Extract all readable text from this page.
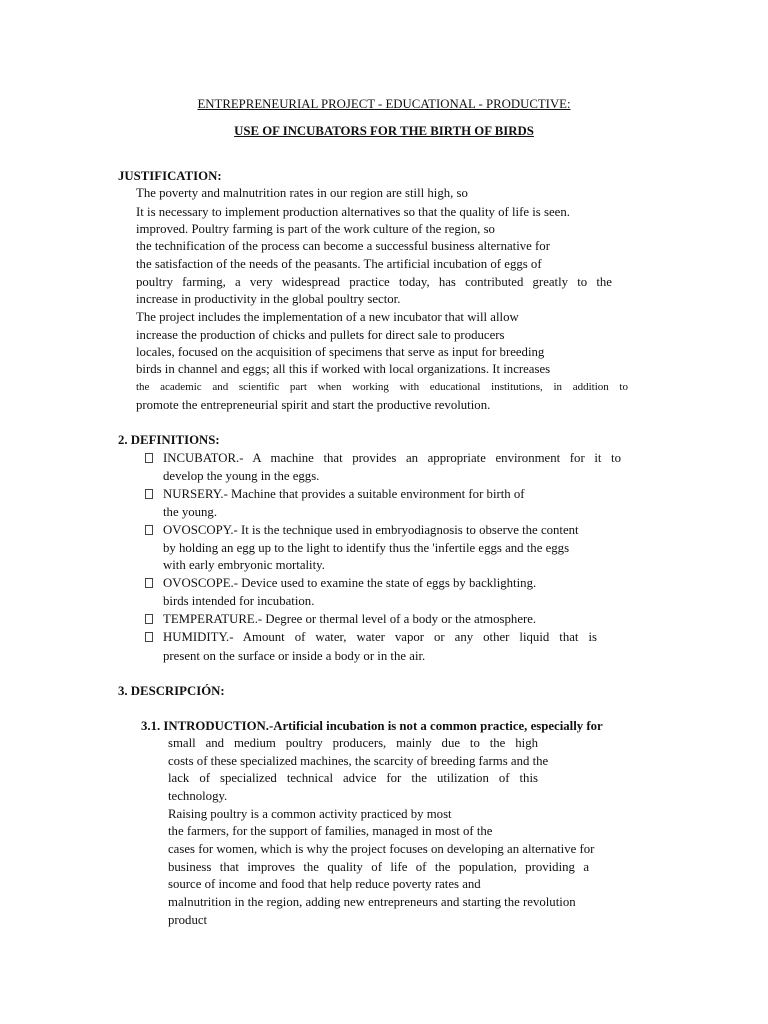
ENTREPRENEURIAL PROJECT - EDUCATIONAL - PRODUCTIVE:
USE OF INCUBATORS FOR THE BIRTH OF BIRDS
JUSTIFICATION:
The poverty and malnutrition rates in our region are still high, so
It is necessary to implement production alternatives so that the quality of life is seen.
improved. Poultry farming is part of the work culture of the region, so
the technification of the process can become a successful business alternative for
the satisfaction of the needs of the peasants. The artificial incubation of eggs of
poultry farming, a very widespread practice today, has contributed greatly to the
increase in productivity in the global poultry sector.
The project includes the implementation of a new incubator that will allow
increase the production of chicks and pullets for direct sale to producers
locales, focused on the acquisition of specimens that serve as input for breeding
birds in channel and eggs; all this if worked with local organizations. It increases
the academic and scientific part when working with educational institutions, in addition to
promote the entrepreneurial spirit and start the productive revolution.
2. DEFINITIONS:
INCUBATOR.- A machine that provides an appropriate environment for it to
develop the young in the eggs.
NURSERY.- Machine that provides a suitable environment for birth of
the young.
OVOSCOPY.- It is the technique used in embryodiagnosis to observe the content
by holding an egg up to the light to identify thus the 'infertile eggs and the eggs
with early embryonic mortality.
OVOSCOPE.- Device used to examine the state of eggs by backlighting.
birds intended for incubation.
TEMPERATURE.- Degree or thermal level of a body or the atmosphere.
HUMIDITY.- Amount of water, water vapor or any other liquid that is
present on the surface or inside a body or in the air.
3. DESCRIPCIÓN:
3.1. INTRODUCTION.-Artificial incubation is not a common practice, especially for
small and medium poultry producers, mainly due to the high
costs of these specialized machines, the scarcity of breeding farms and the
lack of specialized technical advice for the utilization of this
technology.
Raising poultry is a common activity practiced by most
the farmers, for the support of families, managed in most of the
cases for women, which is why the project focuses on developing an alternative for
business that improves the quality of life of the population, providing a
source of income and food that help reduce poverty rates and
malnutrition in the region, adding new entrepreneurs and starting the revolution
product
